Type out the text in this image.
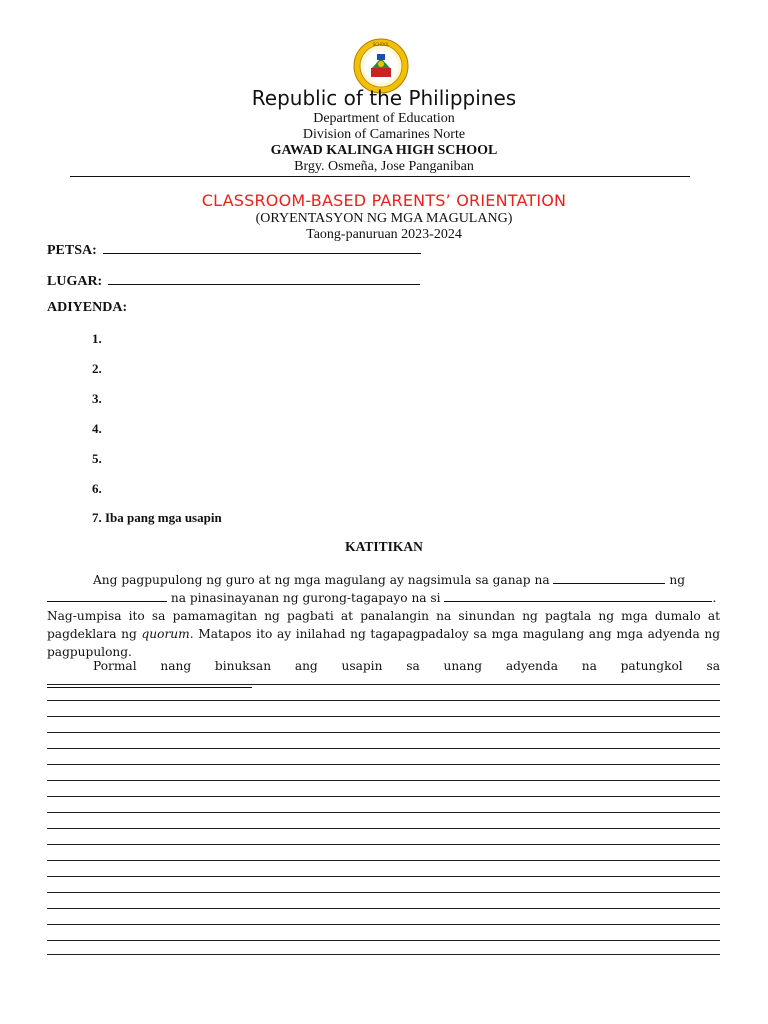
SCHOOL
Republic of the Philippines
Department of Education
Division of Camarines Norte
GAWAD KALINGA HIGH SCHOOL
Brgy. Osmeña, Jose Panganiban
CLASSROOM-BASED PARENTS’ ORIENTATION
(ORYENTASYON NG MGA MAGULANG)
Taong-panuruan 2023-2024
PETSA:
LUGAR:
ADIYENDA:
1.
2.
3.
4.
5.
6.
7. Iba pang mga usapin
KATITIKAN
Ang pagpupulong ng guro at ng mga magulang ay nagsimula sa ganap na	ng
na pinasinayanan ng gurong-tagapayo na si	.
Nag-umpisa ito sa pamamagitan ng pagbati at panalangin na sinundan ng pagtala ng mga dumalo at pagdeklara ng quorum. Matapos ito ay inilahad ng tagapagpadaloy sa mga magulang ang mga adyenda ng pagpupulong.
Pormal nang binuksan ang usapin sa unang adyenda na patungkol sa
